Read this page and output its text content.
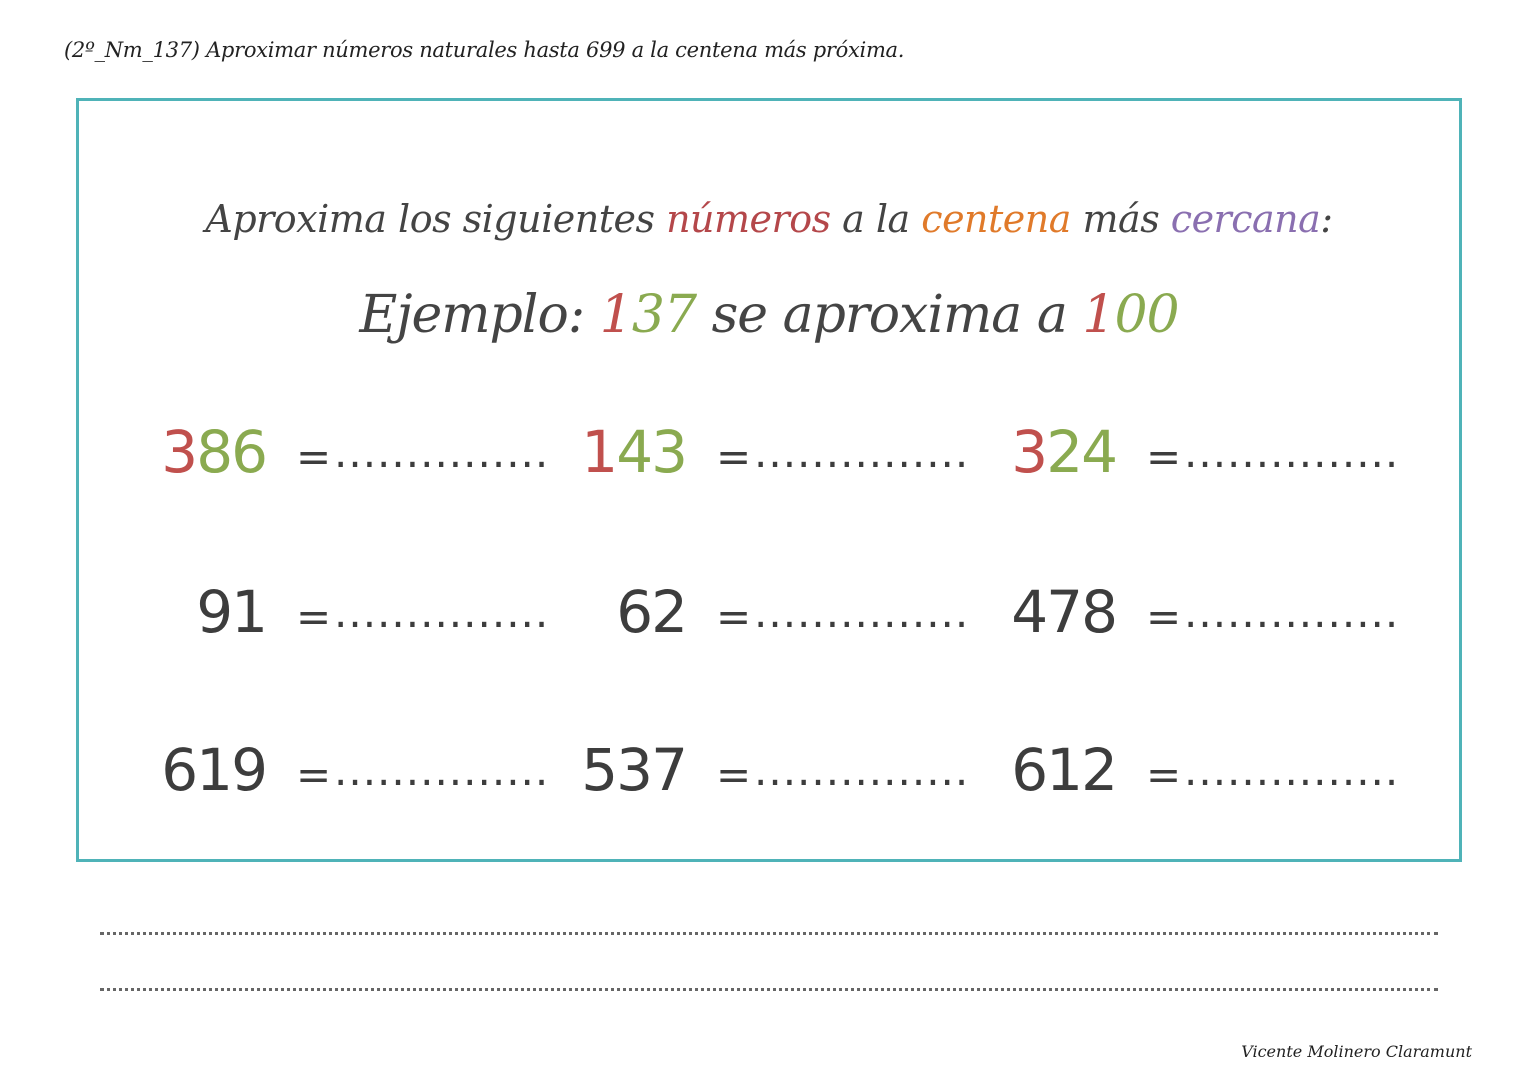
(2º_Nm_137) Aproximar números naturales hasta 699 a la centena más próxima.
Aproxima los siguientes números a la centena más cercana:
Ejemplo: 137 se aproxima a 100
386 = ............... 143 = ............... 324 = ...............
91 = ...............	62 = ............... 478 = ...............
619 = ............... 537 = ............... 612 = ...............
Vicente Molinero Claramunt
